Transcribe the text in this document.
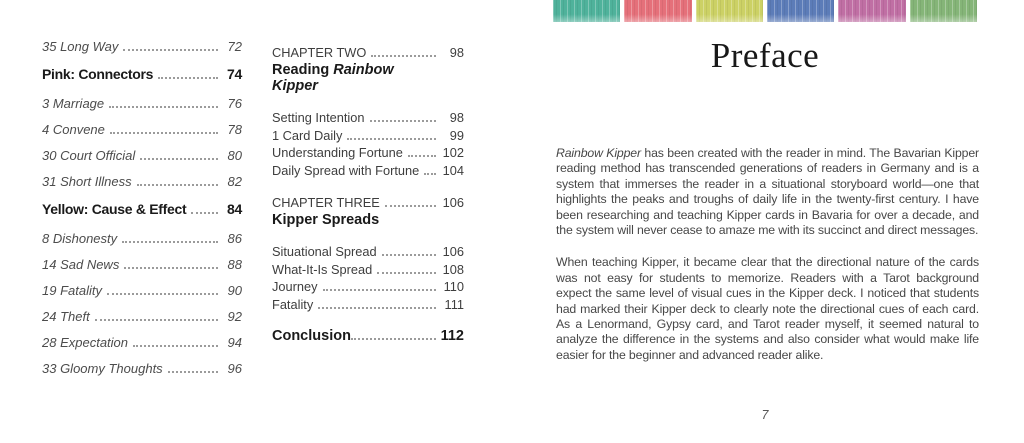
35 Long Way	72
Pink: Connectors	74
3 Marriage	76
4 Convene	78
30 Court Official	80
31 Short Illness	82
Yellow: Cause & Effect	84
8 Dishonesty	86
14 Sad News	88
19 Fatality	90
24 Theft	92
28 Expectation	94
33 Gloomy Thoughts	96
CHAPTER TWO	98
Reading Rainbow Kipper
Setting Intention	98
1 Card Daily	99
Understanding Fortune	102
Daily Spread with Fortune 104
CHAPTER THREE	106
Kipper Spreads
Situational Spread	106
What-It-Is Spread	108
Journey	110
Fatality	111
Conclusion	112
Preface

Rainbow Kipper has been created with the reader in mind. The Bavarian Kipper reading method has transcended generations of readers in Germany and is a system that immerses the reader in a situational storyboard world—one that highlights the peaks and troughs of daily life in the twenty-first century. I have been researching and teaching Kipper cards in Bavaria for over a decade, and the system will never cease to amaze me with its succinct and direct messages.

When teaching Kipper, it became clear that the directional nature of the cards was not easy for students to memorize. Readers with a Tarot background expect the same level of visual cues in the Kipper deck. I noticed that students had marked their Kipper deck to clearly note the directional cues of each card. As a Lenormand, Gypsy card, and Tarot reader myself, it seemed natural to analyze the difference in the systems and also consider what would make life easier for the beginner and advanced reader alike.

7
